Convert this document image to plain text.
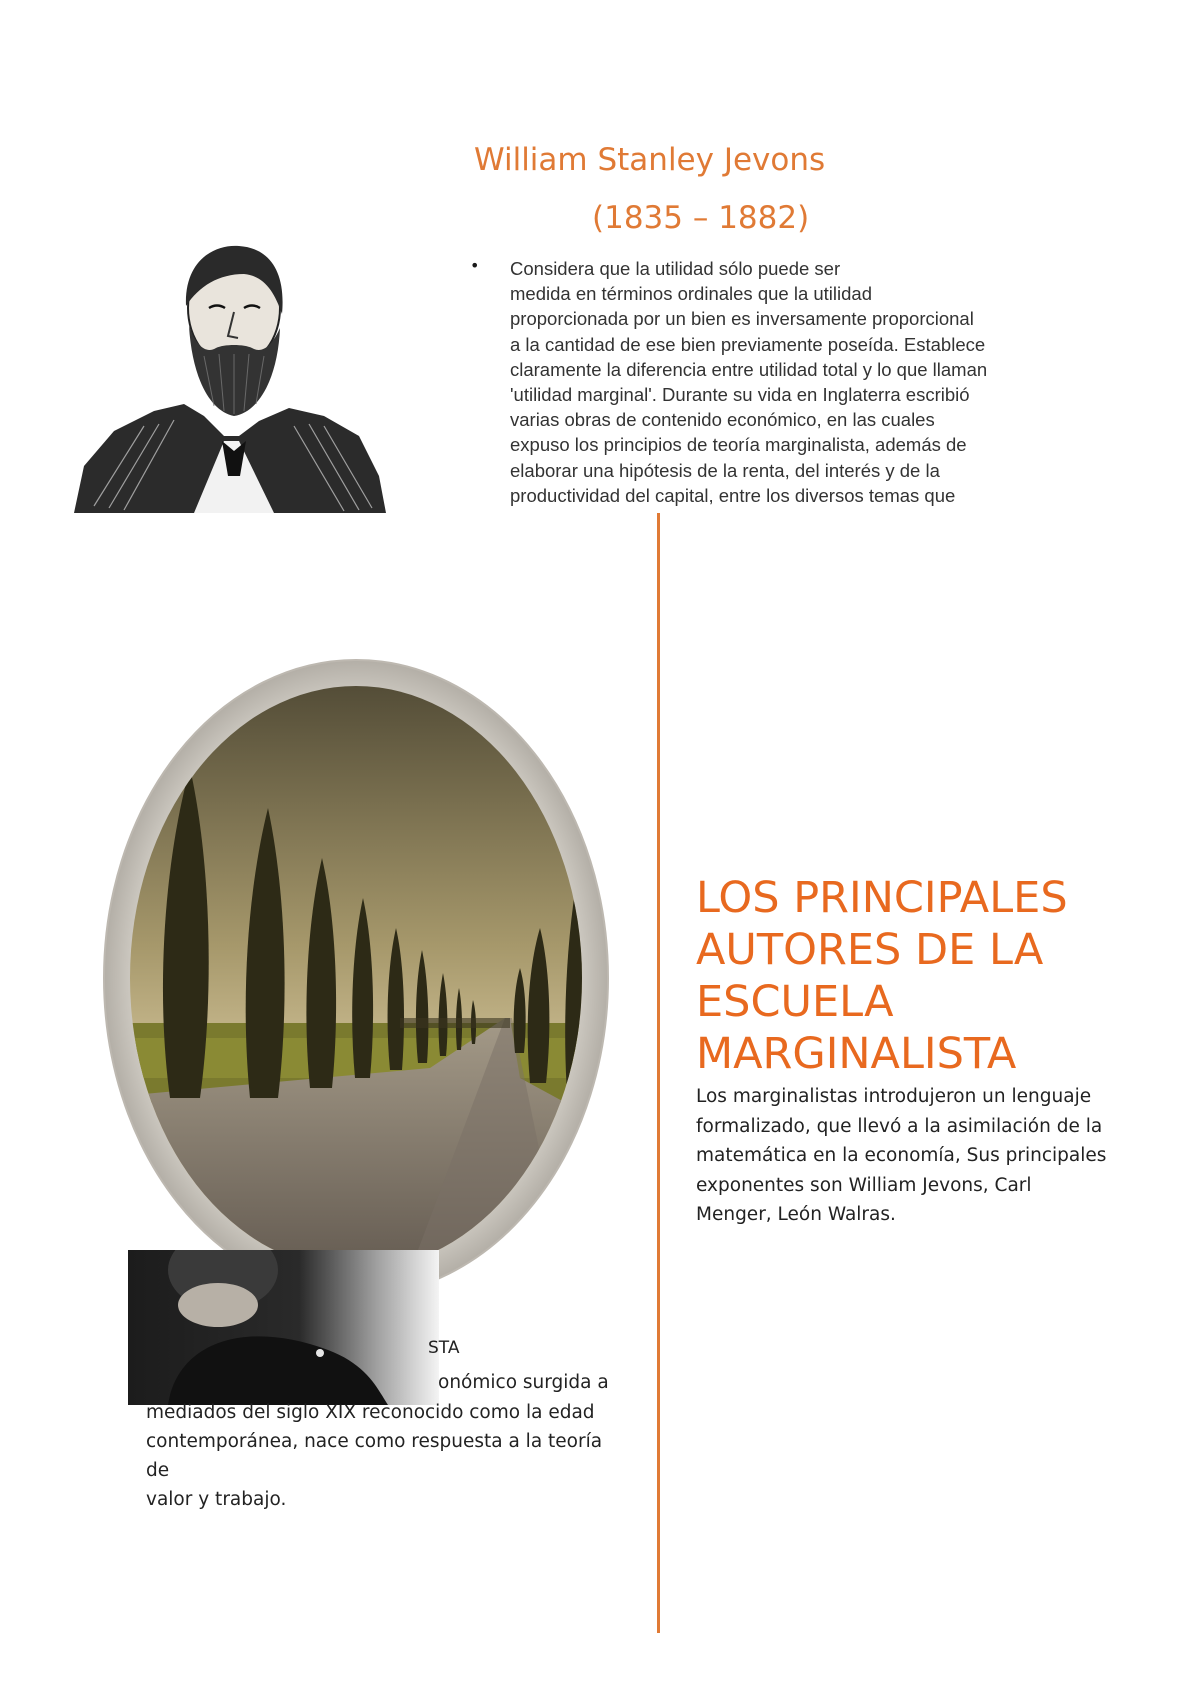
William Stanley Jevons
(1835 – 1882)
• Considera que la utilidad sólo puede ser
medida en términos ordinales que la utilidad
proporcionada por un bien es inversamente proporcional
a la cantidad de ese bien previamente poseída. Establece
claramente la diferencia entre utilidad total y lo que llaman
'utilidad marginal'. Durante su vida en Inglaterra escribió
varias obras de contenido económico, en las cuales
expuso los principios de teoría marginalista, además de
elaborar una hipótesis de la renta, del interés y de la
productividad del capital, entre los diversos temas que
STA
onómico surgida a
mediados del siglo XIX reconocido como la edad
contemporánea, nace como respuesta a la teoría de
valor y trabajo.
LOS PRINCIPALES
AUTORES DE LA
ESCUELA
MARGINALISTA
Los marginalistas introdujeron un lenguaje
formalizado, que llevó a la asimilación de la
matemática en la economía, Sus principales
exponentes son William Jevons, Carl
Menger, León Walras.
